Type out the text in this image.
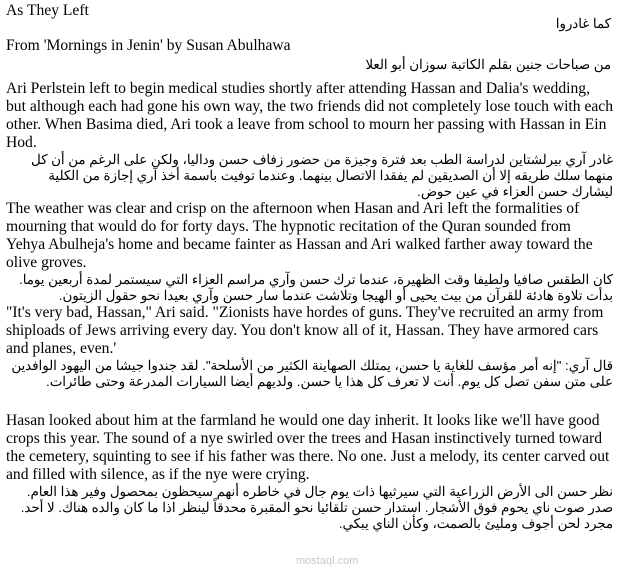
As They Left

كما غادروا

From 'Mornings in Jenin' by Susan Abulhawa

من صباحات جنين بقلم الكاتبة سوزان أبو العلا

Ari Perlstein left to begin medical studies shortly after attending Hassan and Dalia's wedding, but although each had gone his own way, the two friends did not completely lose touch with each other. When Basima died, Ari took a leave from school to mourn her passing with Hassan in Ein Hod.

غادر آري بيرلشتاين لدراسة الطب بعد فترة وجيزة من حضور زفاف حسن وداليا، ولكن على الرغم من أن كل منهما سلك طريقه إلا أن الصديقين لم يفقدا الاتصال بينهما. وعندما توفيت باسمة أخذ آري إجازة من الكلية ليشارك حسن العزاء في عين حوض.

The weather was clear and crisp on the afternoon when Hasan and Ari left the formalities of mourning that would do for forty days. The hypnotic recitation of the Quran sounded from Yehya Abulheja's home and became fainter as Hassan and Ari walked farther away toward the olive groves.

كان الطقس صافيا ولطيفا وقت الظهيرة، عندما ترك حسن وآري مراسم العزاء التي سيستمر لمدة أربعين يوما. بدأت تلاوة هادئة للقرآن من بيت يحيى أو الهيجا وتلاشت عندما سار حسن وآري بعيدا نحو حقول الزيتون.

"It's very bad, Hassan," Ari said. "Zionists have hordes of guns. They've recruited an army from shiploads of Jews arriving every day. You don't know all of it, Hassan. They have armored cars and planes, even.'

قال آري: "إنه أمر مؤسف للغاية يا حسن، يمتلك الصهاينة الكثير من الأسلحة". لقد جندوا جيشا من اليهود الوافدين على متن سفن تصل كل يوم. أنت لا تعرف كل هذا يا حسن. ولديهم أيضا السيارات المدرعة وحتى طائرات.

Hasan looked about him at the farmland he would one day inherit. It looks like we'll have good crops this year. The sound of a nye swirled over the trees and Hasan instinctively turned toward the cemetery, squinting to see if his father was there. No one. Just a melody, its center carved out and filled with silence, as if the nye were crying.

نظر حسن الى الأرض الزراعية التي سيرثيها ذات يوم جال في خاطره أنهم سيحظون بمحصول وفير هذا العام. صدر صوت ناي يحوم فوق الأشجار. استدار حسن تلقائيا نحو المقبرة محدقاً لينظر اذا ما كان والده هناك. لا أحد. مجرد لحن أجوف ومليئ بالصمت، وكأن الناي يبكي.

mostaql.com
